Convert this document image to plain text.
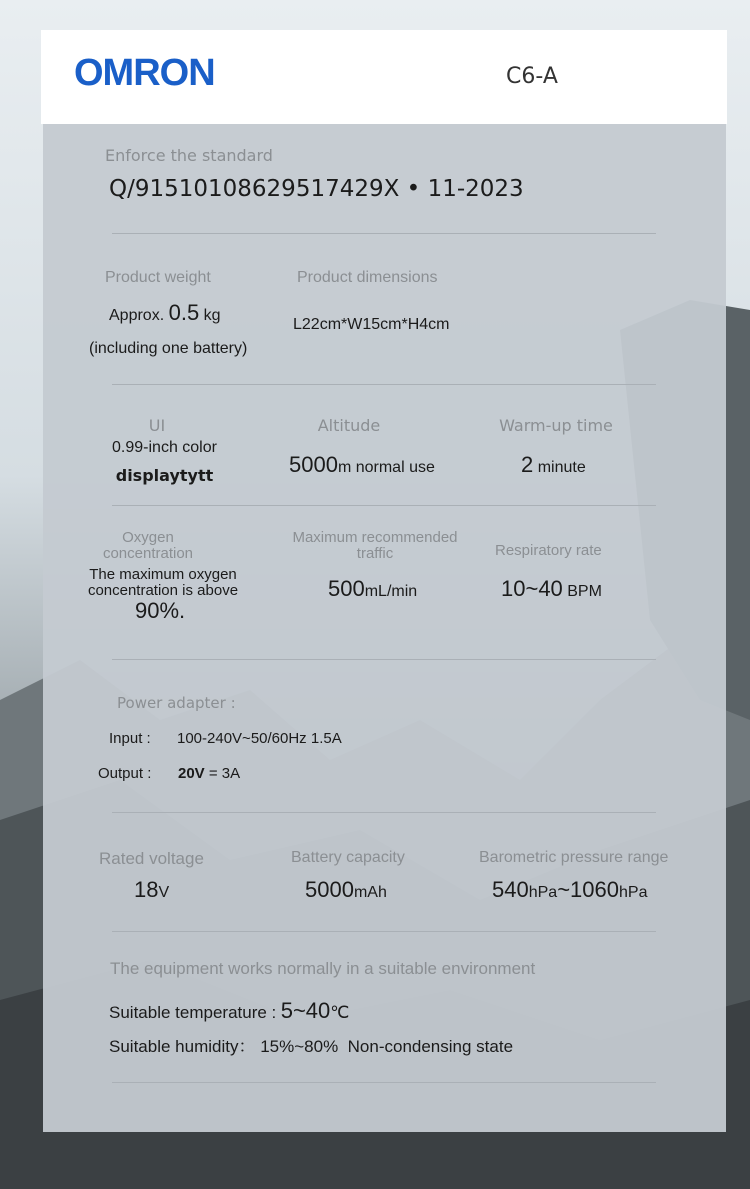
OMRON	C6-A
Enforce the standard
Q/91510108629517429X • 11-2023
Product weight
Approx. 0.5 kg
(including one battery)
Product dimensions
L22cm*W15cm*H4cm
UI
0.99-inch color
displaytytt
Altitude
5000m normal use
Warm-up time
2 minute
Oxygen
concentration
The maximum oxygen
concentration is above
90%.
Maximum recommended
traffic
500mL/min
Respiratory rate
10~40 BPM
Power adapter :
Input : 100-240V~50/60Hz 1.5A
Output : 20V = 3A
Rated voltage
18V
Battery capacity
5000mAh
Barometric pressure range
540hPa~1060hPa
The equipment works normally in a suitable environment
Suitable temperature : 5~40℃
Suitable humidity： 15%~80% Non-condensing state
